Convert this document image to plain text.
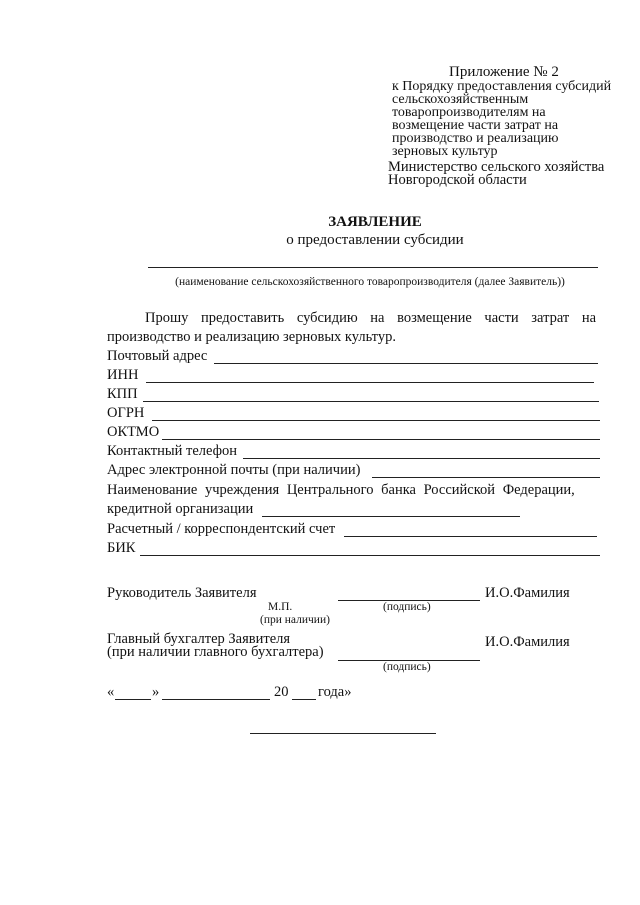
Приложение № 2
к Порядку предоставления субсидий
сельскохозяйственным
товаропроизводителям на
возмещение части затрат на
производство и реализацию
зерновых культур
Министерство сельского хозяйства
Новгородской области
ЗАЯВЛЕНИЕ
о предоставлении субсидии
(наименование сельскохозяйственного товаропроизводителя (далее Заявитель))
Прошу предоставить субсидию на возмещение части затрат на
производство и реализацию зерновых культур.
Почтовый адрес
ИНН
КПП
ОГРН
ОКТМО
Контактный телефон
Адрес электронной почты (при наличии)
Наименование учреждения Центрального банка Российской Федерации,
кредитной организации
Расчетный / корреспондентский счет
БИК
Руководитель Заявителя	И.О.Фамилия
М.П.	(подпись)
(при наличии)
Главный бухгалтер Заявителя
(при наличии главного бухгалтера)
И.О.Фамилия
(подпись)
«	»	20 года»
